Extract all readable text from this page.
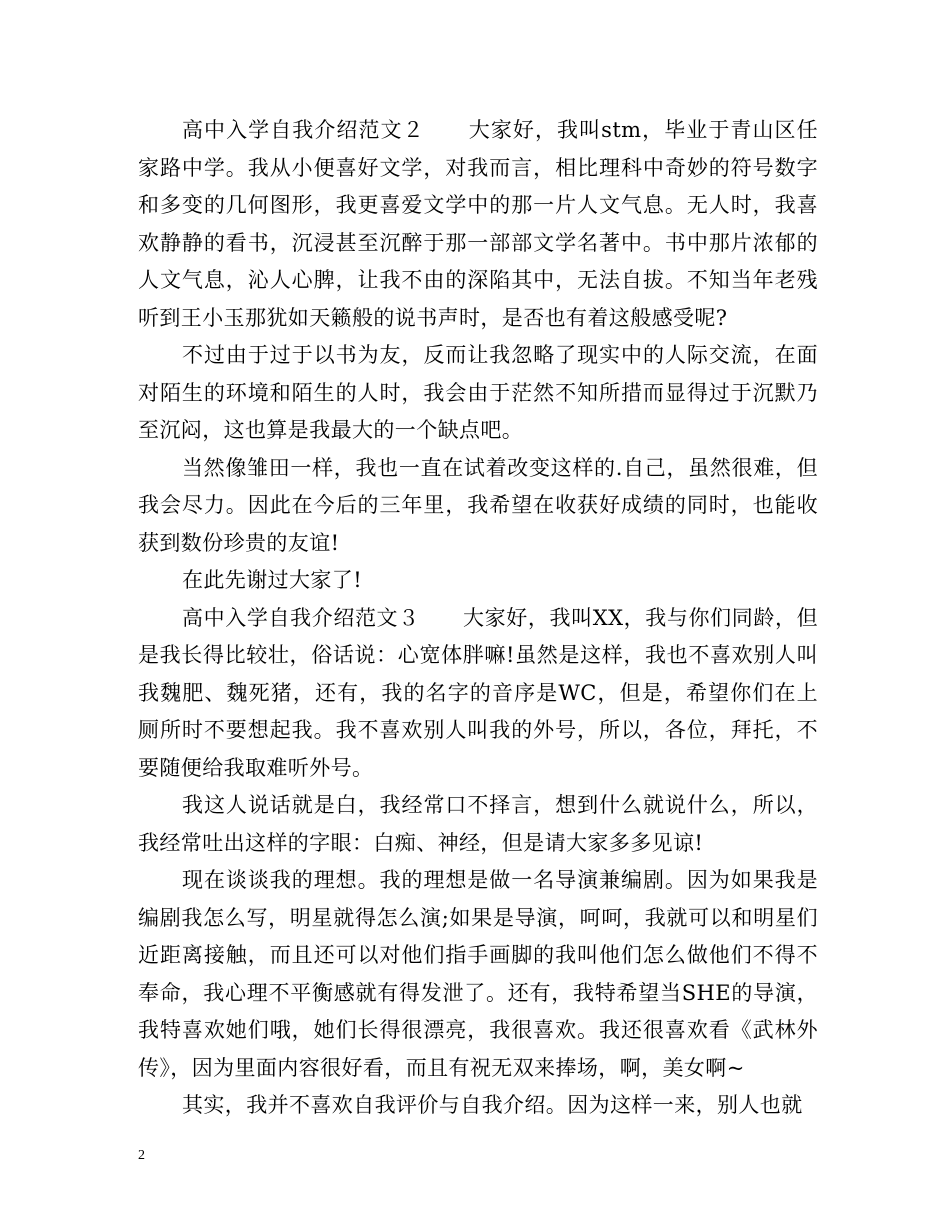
高中入学自我介绍范文２　　大家好，我叫stm，毕业于青山区任家路中学。我从小便喜好文学，对我而言，相比理科中奇妙的符号数字和多变的几何图形，我更喜爱文学中的那一片人文气息。无人时，我喜欢静静的看书，沉浸甚至沉醉于那一部部文学名著中。书中那片浓郁的人文气息，沁人心脾，让我不由的深陷其中，无法自拔。不知当年老残听到王小玉那犹如天籁般的说书声时，是否也有着这般感受呢?

不过由于过于以书为友，反而让我忽略了现实中的人际交流，在面对陌生的环境和陌生的人时，我会由于茫然不知所措而显得过于沉默乃至沉闷，这也算是我最大的一个缺点吧。

当然像雏田一样，我也一直在试着改变这样的.自己，虽然很难，但我会尽力。因此在今后的三年里，我希望在收获好成绩的同时，也能收获到数份珍贵的友谊!

在此先谢过大家了!

高中入学自我介绍范文３　　大家好，我叫XX，我与你们同龄，但是我长得比较壮，俗话说：心宽体胖嘛!虽然是这样，我也不喜欢别人叫我魏肥、魏死猪，还有，我的名字的音序是WC，但是，希望你们在上厕所时不要想起我。我不喜欢别人叫我的外号，所以，各位，拜托，不要随便给我取难听外号。

我这人说话就是白，我经常口不择言，想到什么就说什么，所以，我经常吐出这样的字眼：白痴、神经，但是请大家多多见谅!

现在谈谈我的理想。我的理想是做一名导演兼编剧。因为如果我是编剧我怎么写，明星就得怎么演;如果是导演，呵呵，我就可以和明星们近距离接触，而且还可以对他们指手画脚的我叫他们怎么做他们不得不奉命，我心理不平衡感就有得发泄了。还有，我特希望当SHE的导演，我特喜欢她们哦，她们长得很漂亮，我很喜欢。我还很喜欢看《武林外传》，因为里面内容很好看，而且有祝无双来捧场，啊，美女啊~

其实，我并不喜欢自我评价与自我介绍。因为这样一来，别人也就

2
